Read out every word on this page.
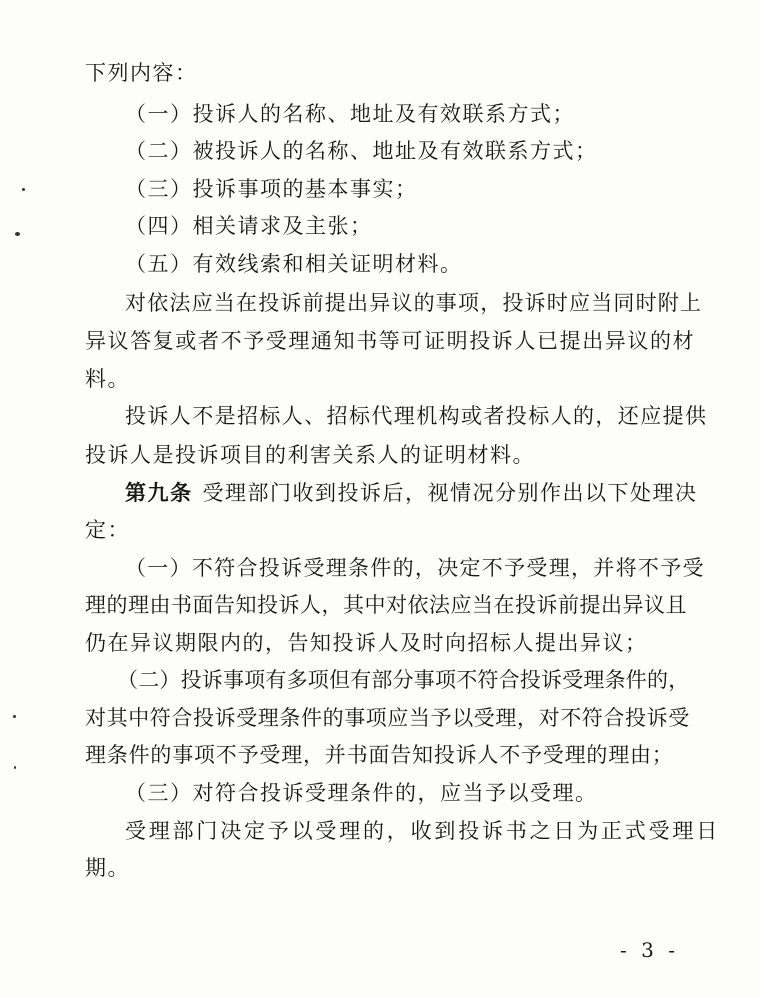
下列内容：
（一）投诉人的名称、地址及有效联系方式；
（二）被投诉人的名称、地址及有效联系方式；
（三）投诉事项的基本事实；
（四）相关请求及主张；
（五）有效线索和相关证明材料。
对依法应当在投诉前提出异议的事项，投诉时应当同时附上
异议答复或者不予受理通知书等可证明投诉人已提出异议的材
料。
投诉人不是招标人、招标代理机构或者投标人的，还应提供
投诉人是投诉项目的利害关系人的证明材料。
第九条 受理部门收到投诉后，视情况分别作出以下处理决
定：
（一）不符合投诉受理条件的，决定不予受理，并将不予受
理的理由书面告知投诉人，其中对依法应当在投诉前提出异议且
仍在异议期限内的，告知投诉人及时向招标人提出异议；
（二）投诉事项有多项但有部分事项不符合投诉受理条件的，
对其中符合投诉受理条件的事项应当予以受理，对不符合投诉受
理条件的事项不予受理，并书面告知投诉人不予受理的理由；
（三）对符合投诉受理条件的，应当予以受理。
受理部门决定予以受理的，收到投诉书之日为正式受理日
期。
- 3 -
